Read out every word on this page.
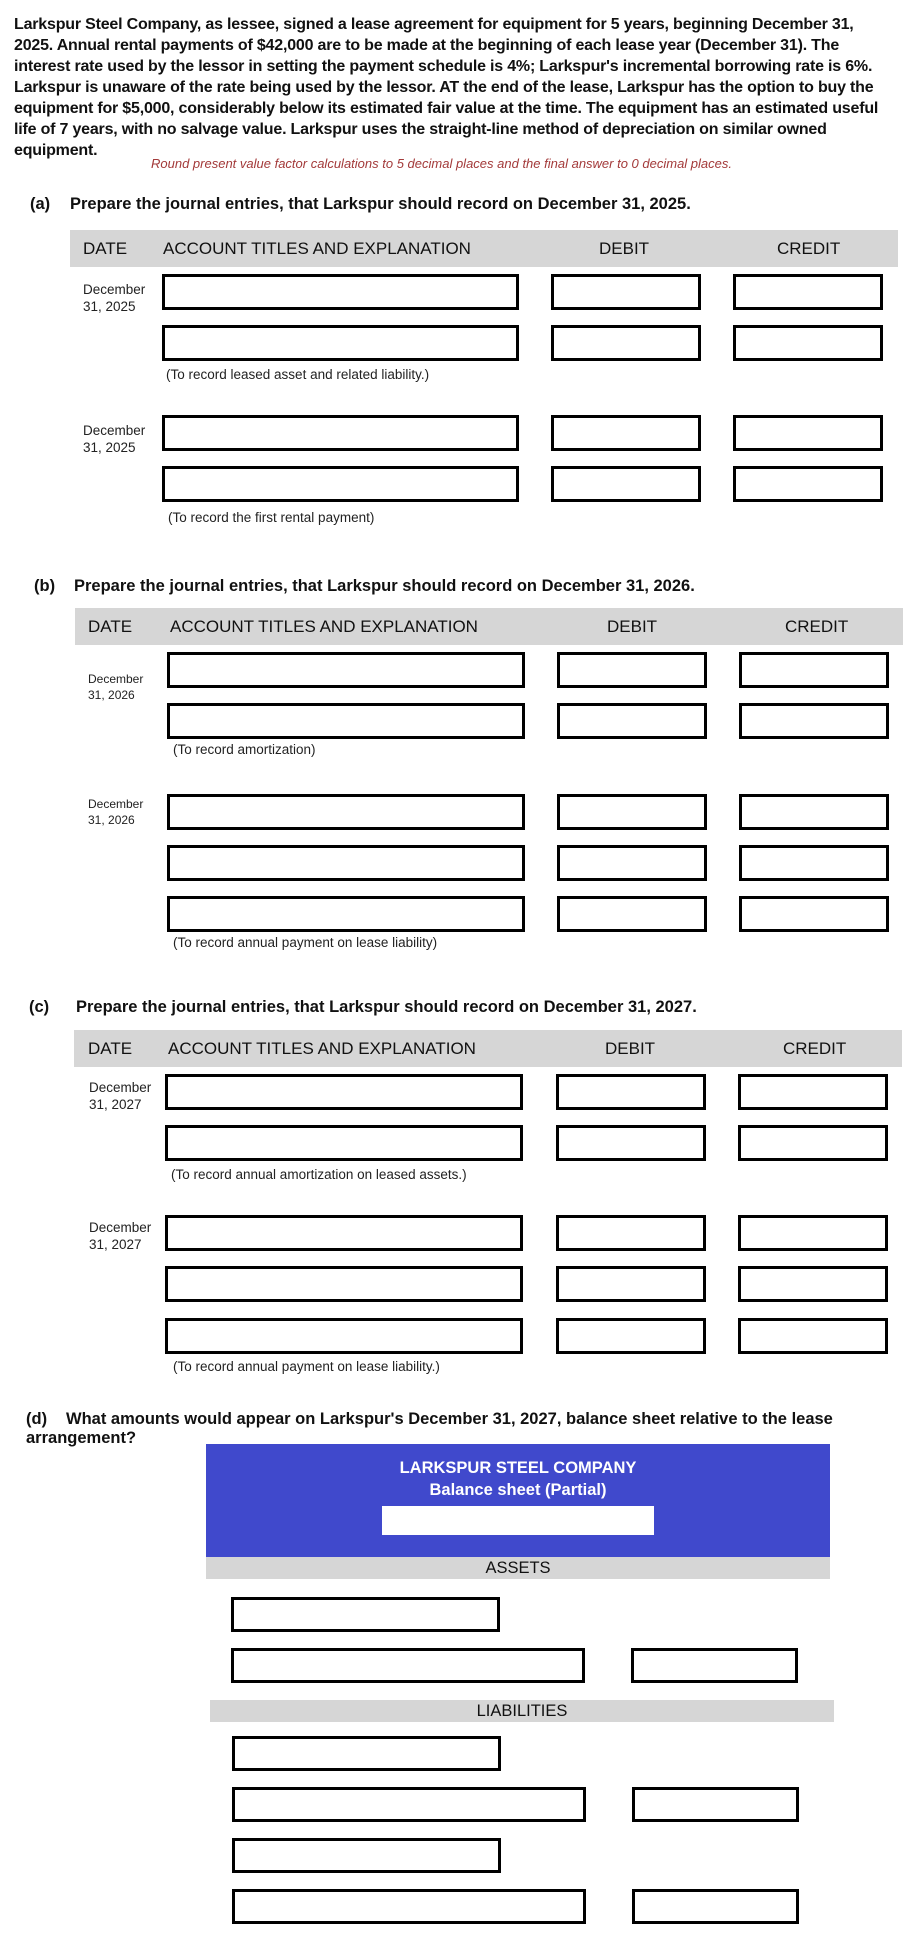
Larkspur Steel Company, as lessee, signed a lease agreement for equipment for 5 years, beginning December 31, 2025. Annual rental payments of $42,000 are to be made at the beginning of each lease year (December 31). The interest rate used by the lessor in setting the payment schedule is 4%; Larkspur's incremental borrowing rate is 6%. Larkspur is unaware of the rate being used by the lessor. AT the end of the lease, Larkspur has the option to buy the equipment for $5,000, considerably below its estimated fair value at the time. The equipment has an estimated useful life of 7 years, with no salvage value. Larkspur uses the straight-line method of depreciation on similar owned equipment.

Round present value factor calculations to 5 decimal places and the final answer to 0 decimal places.
(a) Prepare the journal entries, that Larkspur should record on December 31, 2025.
DATE ACCOUNT TITLES AND EXPLANATION	DEBIT	CREDIT
December 31, 2025
(To record leased asset and related liability.)
December 31, 2025
(To record the first rental payment)
(b) Prepare the journal entries, that Larkspur should record on December 31, 2026.
DATE ACCOUNT TITLES AND EXPLANATION	DEBIT	CREDIT
December 31, 2026
(To record amortization)
December 31, 2026
(To record annual payment on lease liability)
(c) Prepare the journal entries, that Larkspur should record on December 31, 2027.
DATE ACCOUNT TITLES AND EXPLANATION	DEBIT	CREDIT
December 31, 2027
(To record annual amortization on leased assets.)
December 31, 2027
(To record annual payment on lease liability.)
(d) What amounts would appear on Larkspur's December 31, 2027, balance sheet relative to the lease arrangement?
LARKSPUR STEEL COMPANY
Balance sheet (Partial)
ASSETS
LIABILITIES
